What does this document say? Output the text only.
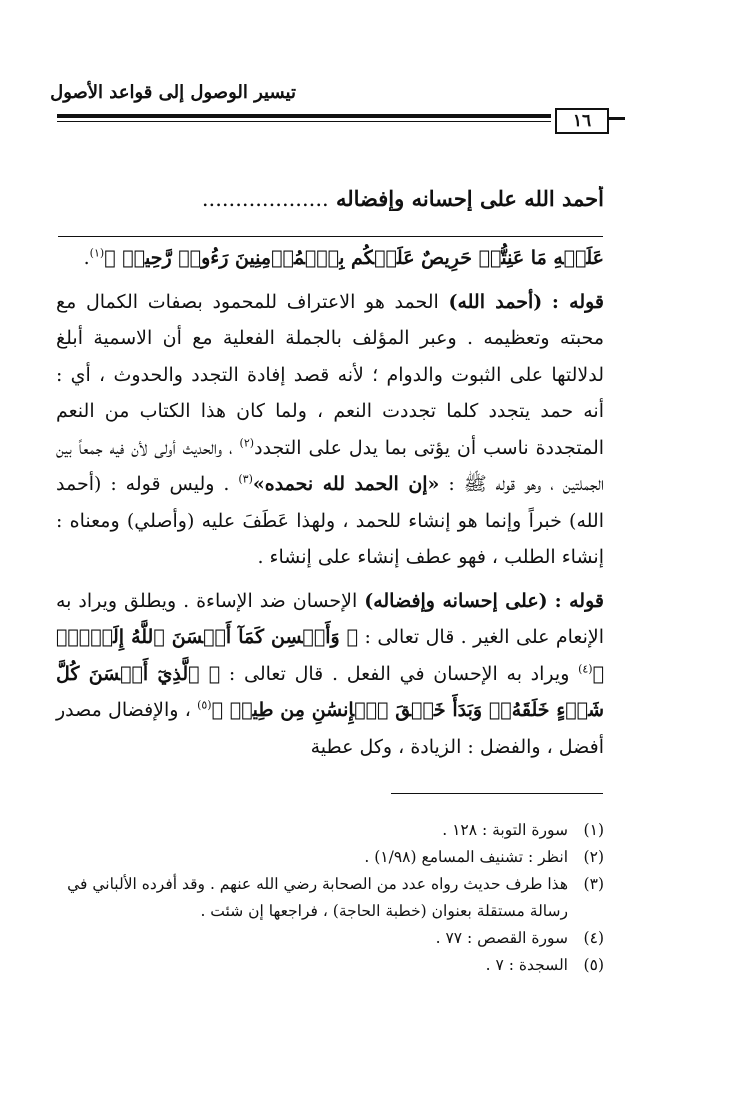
تيسير الوصول إلى قواعد الأصول
١٦
أحمد الله على إحسانه وإفضاله ...................

عَلَيۡهِ مَا عَنِتُّمۡ حَرِيصٌ عَلَيۡكُم بِٱلۡمُؤۡمِنِينَ رَءُوفٞ رَّحِيمٞ ﴾$^{(١)}$.

قوله : (أحمد الله) الحمد هو الاعتراف للمحمود بصفات الكمال مع محبته وتعظيمه . وعبر المؤلف بالجملة الفعلية مع أن الاسمية أبلغ لدلالتها على الثبوت والدوام ؛ لأنه قصد إفادة التجدد والحدوث ، أي : أنه حمد يتجدد كلما تجددت النعم ، ولما كان هذا الكتاب من النعم المتجددة ناسب أن يؤتى بما يدل على التجدد$^{(٢)}$ ، والحديث أولى لأن فيه جمعاً بين الجملتين ، وهو قوله ﷺ : «إن الحمد لله نحمده»$^{(٣)}$ . وليس قوله : (أحمد الله) خبراً وإنما هو إنشاء للحمد ، ولهذا عَطَفَ عليه (وأصلي) ومعناه : إنشاء الطلب ، فهو عطف إنشاء على إنشاء .

قوله : (على إحسانه وإفضاله) الإحسان ضد الإساءة . ويطلق ويراد به الإنعام على الغير . قال تعالى : ﴿ وَأَحۡسِن كَمَآ أَحۡسَنَ ٱللَّهُ إِلَيۡكَۖ ﴾$^{(٤)}$ ويراد به الإحسان في الفعل . قال تعالى : ﴿ ٱلَّذِيٓ أَحۡسَنَ كُلَّ شَيۡءٍ خَلَقَهُۥۖ وَبَدَأَ خَلۡقَ ٱلۡإِنسَٰنِ مِن طِينٖ ﴾$^{(٥)}$ ، والإفضال مصدر أفضل ، والفضل : الزيادة ، وكل عطية

(١)
سورة التوبة : ١٢٨ .
(٢)
انظر : تشنيف المسامع (١/٩٨) .
(٣)
هذا طرف حديث رواه عدد من الصحابة رضي الله عنهم . وقد أفرده الألباني في رسالة مستقلة بعنوان (خطبة الحاجة) ، فراجعها إن شئت .
(٤)
سورة القصص : ٧٧ .
(٥)
السجدة : ٧ .
